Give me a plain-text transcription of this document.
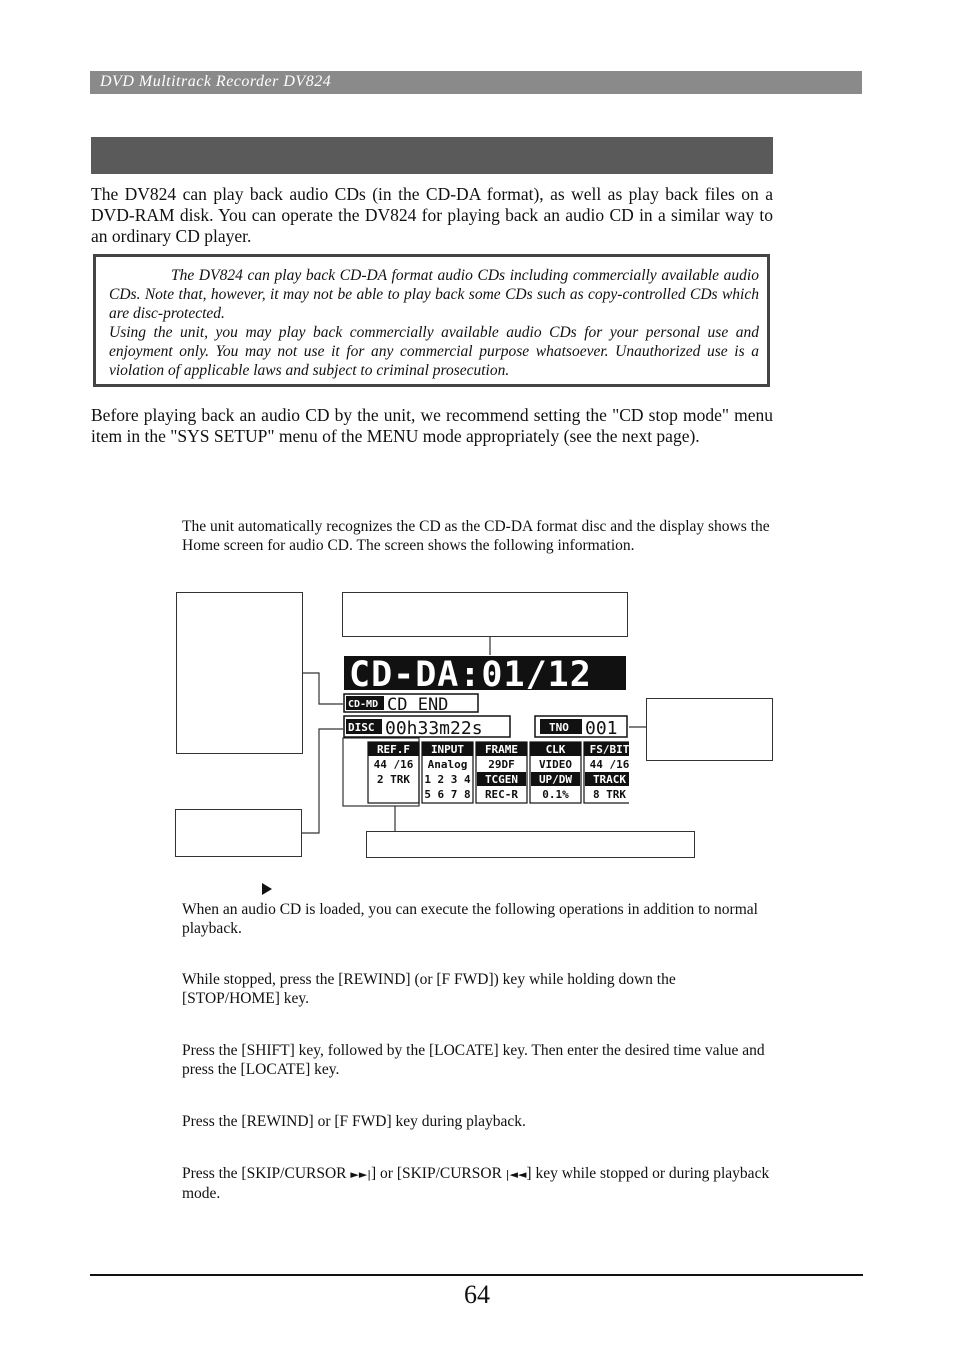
DVD Multitrack Recorder DV824
The DV824 can play back audio CDs (in the CD-DA format), as well as play back files on a DVD-RAM disk. You can operate the DV824 for playing back an audio CD in a similar way to an ordinary CD player.
The DV824 can play back CD-DA format audio CDs including commercially available audio CDs. Note that, however, it may not be able to play back some CDs such as copy-controlled CDs which are disc-protected.
Using the unit, you may play back commercially available audio CDs for your personal use and enjoyment only. You may not use it for any commercial purpose whatsoever. Unauthorized use is a violation of applicable laws and subject to criminal prosecution.
Before playing back an audio CD by the unit, we recommend setting the "CD stop mode" menu item in the "SYS SETUP" menu of the MENU mode appropriately (see the next page).
The unit automatically recognizes the CD as the CD-DA format disc and the display shows the Home screen for audio CD. The screen shows the following information.
CD-DA:01/12
CD-MD CD END
DISC 00h33m22s	TNO 001
REF.F
44 /16
2 TRK
INPUT
Analog
1 2 3 4
5 6 7 8
FRAME
29DF
TCGEN
REC-R
CLK
VIDEO
UP/DW
0.1%
FS/BIT
44 /16
TRACK
8 TRK
When an audio CD is loaded, you can execute the following operations in addition to normal playback.
While stopped, press the [REWIND] (or [F FWD]) key while holding down the [STOP/HOME] key.
Press the [SHIFT] key, followed by the [LOCATE] key. Then enter the desired time value and press the [LOCATE] key.
Press the [REWIND] or [F FWD] key during playback.
Press the [SKIP/CURSOR ►►|] or [SKIP/CURSOR |◄◄] key while stopped or during playback mode.
64
